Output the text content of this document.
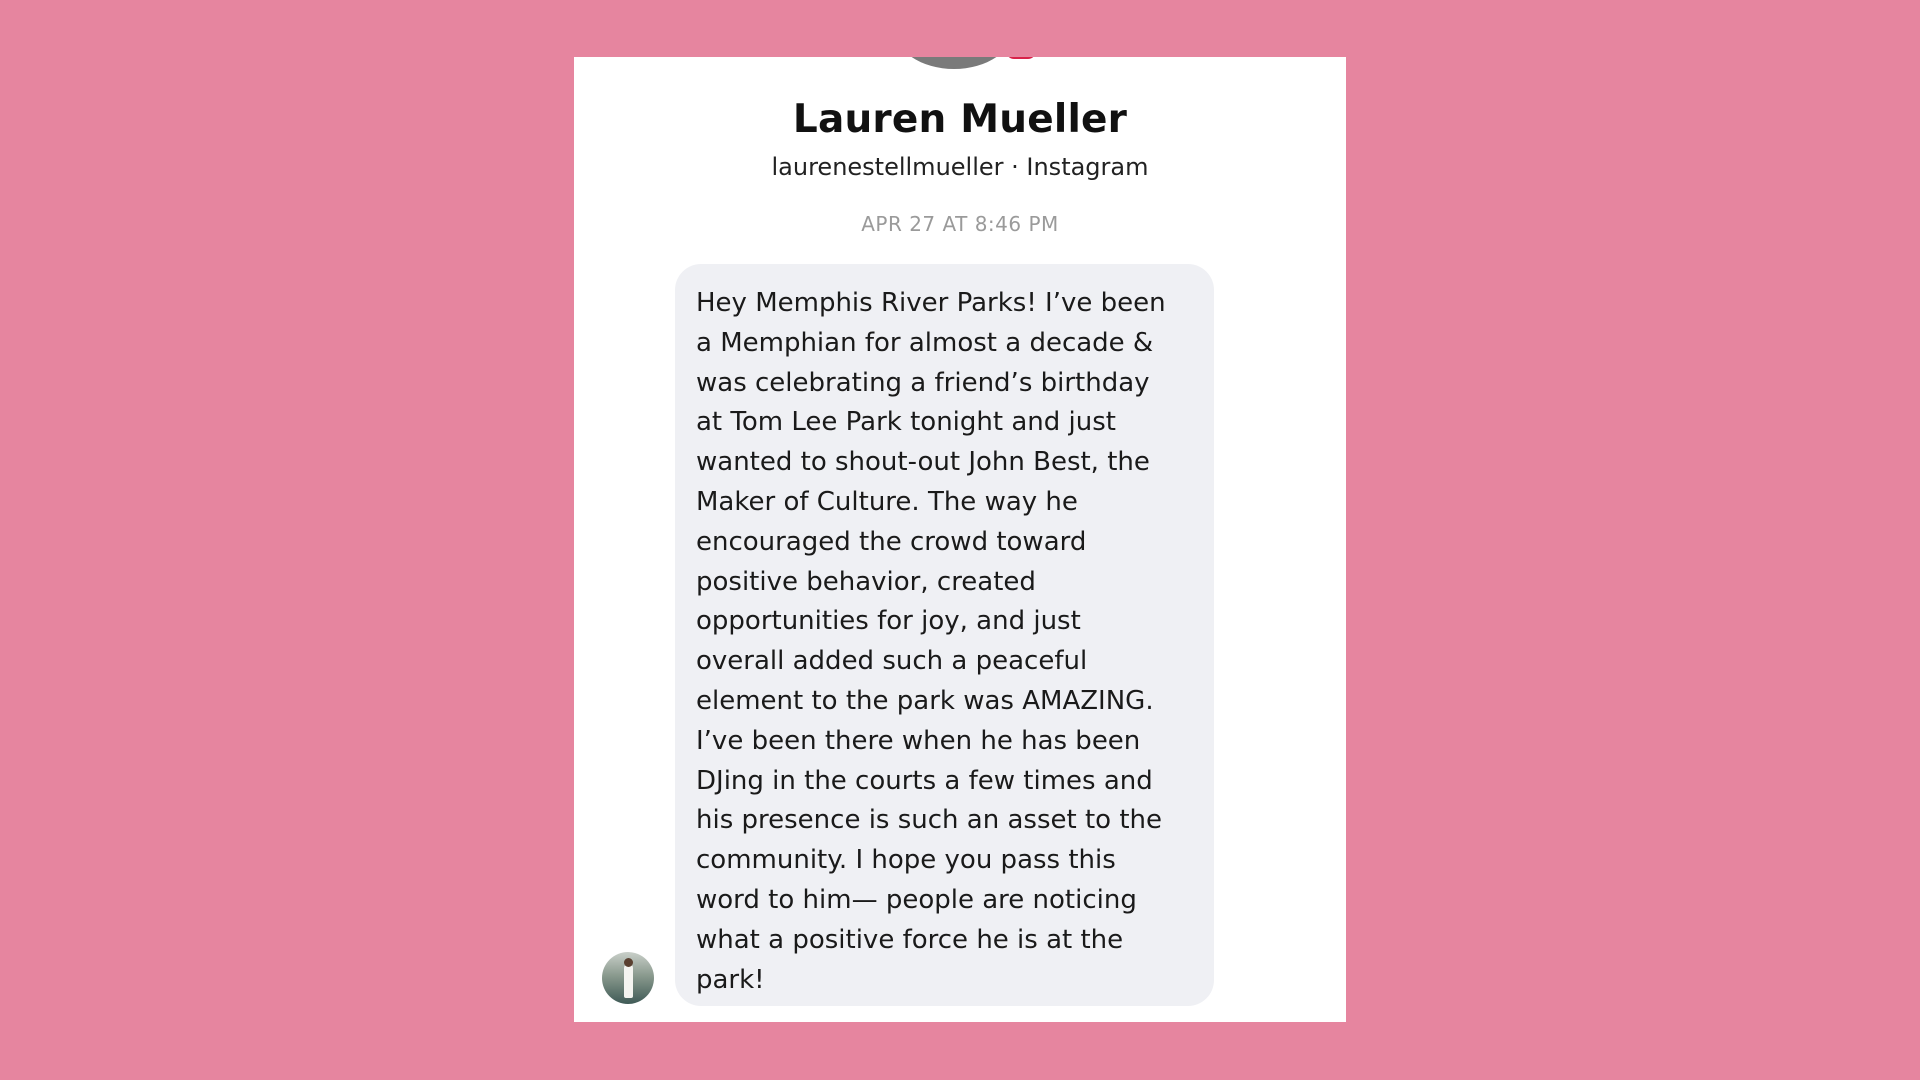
Lauren Mueller
laurenestellmueller · Instagram
APR 27 AT 8:46 PM

Hey Memphis River Parks! I’ve been
a Memphian for almost a decade &
was celebrating a friend’s birthday
at Tom Lee Park tonight and just
wanted to shout-out John Best, the
Maker of Culture. The way he
encouraged the crowd toward
positive behavior, created
opportunities for joy, and just
overall added such a peaceful
element to the park was AMAZING.
I’ve been there when he has been
DJing in the courts a few times and
his presence is such an asset to the
community. I hope you pass this
word to him— people are noticing
what a positive force he is at the
park!
